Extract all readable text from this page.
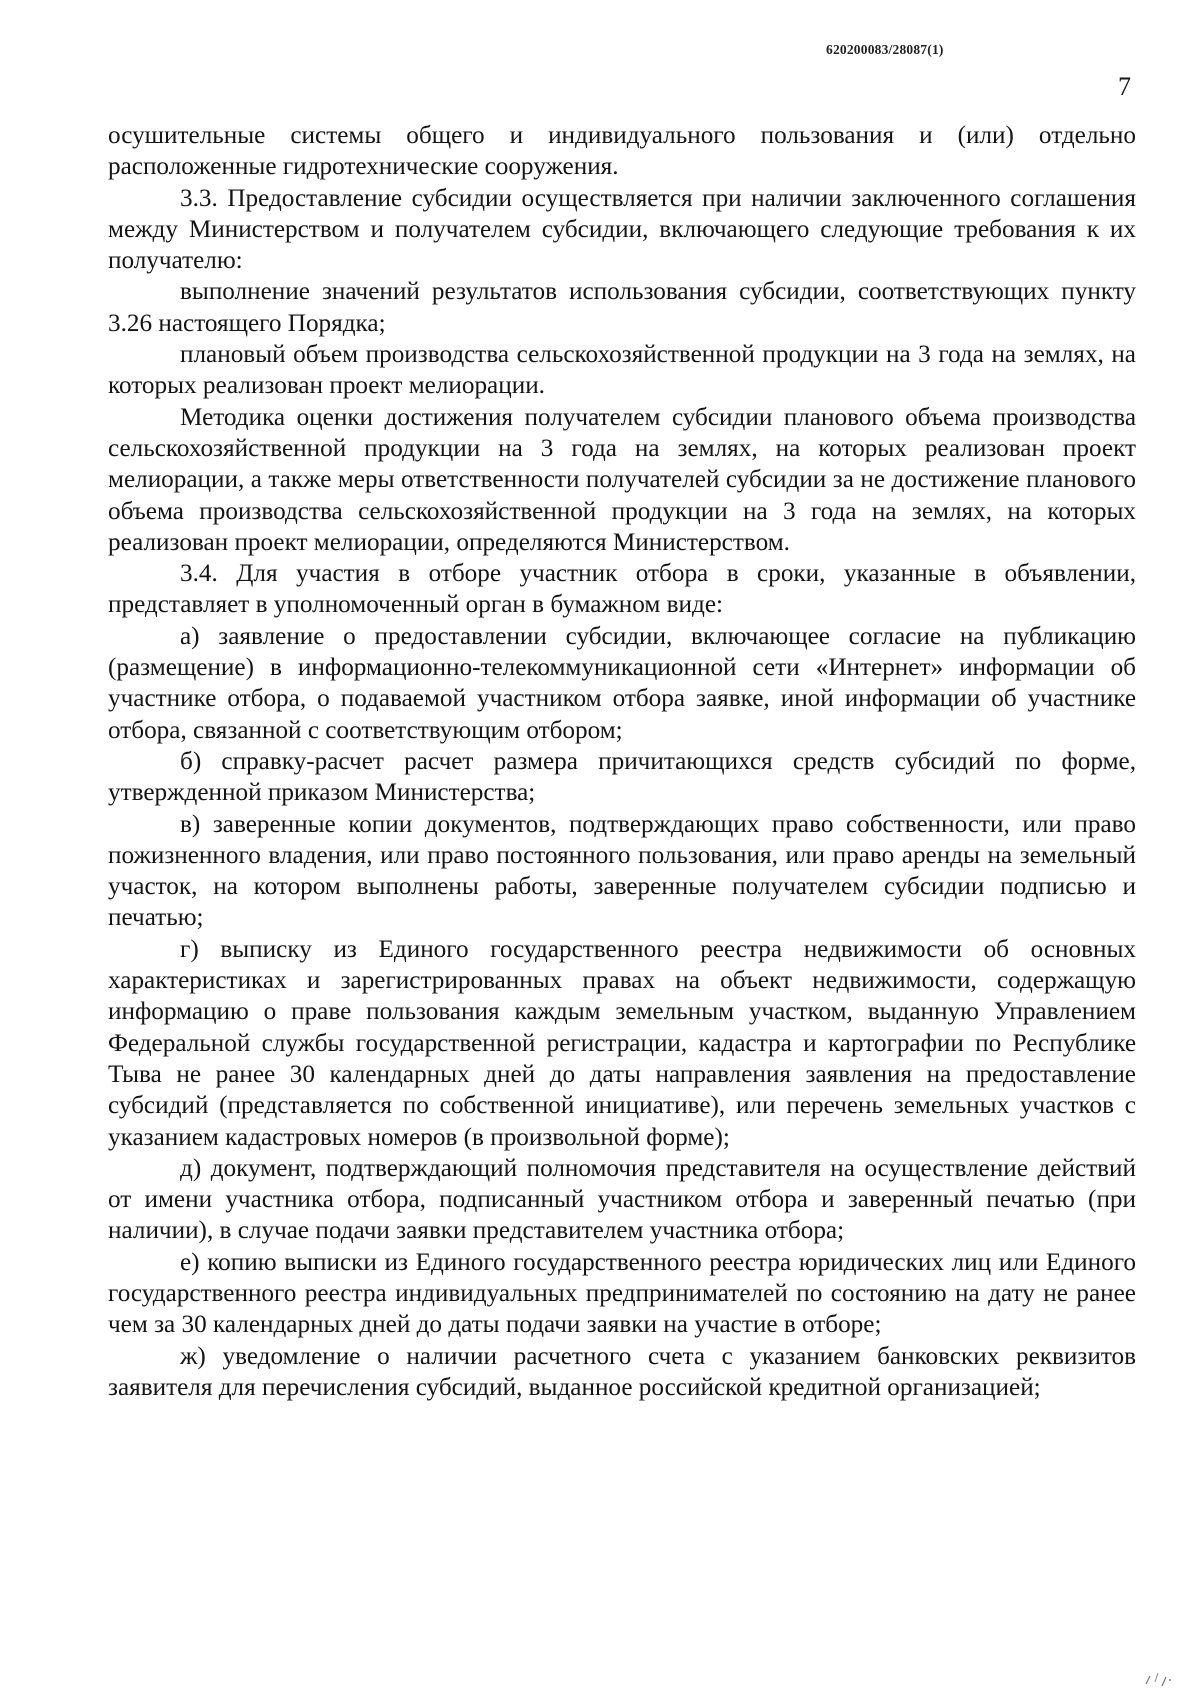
620200083/28087(1)
7

осушительные системы общего и индивидуального пользования и (или) отдельно расположенные гидротехнические сооружения.

3.3. Предоставление субсидии осуществляется при наличии заключенного соглашения между Министерством и получателем субсидии, включающего следующие требования к их получателю:

выполнение значений результатов использования субсидии, соответствующих пункту 3.26 настоящего Порядка;

плановый объем производства сельскохозяйственной продукции на 3 года на землях, на которых реализован проект мелиорации.

Методика оценки достижения получателем субсидии планового объема производства сельскохозяйственной продукции на 3 года на землях, на которых реализован проект мелиорации, а также меры ответственности получателей субсидии за не достижение планового объема производства сельскохозяйственной продукции на 3 года на землях, на которых реализован проект мелиорации, определяются Министерством.

3.4. Для участия в отборе участник отбора в сроки, указанные в объявлении, представляет в уполномоченный орган в бумажном виде:

а) заявление о предоставлении субсидии, включающее согласие на публикацию (размещение) в информационно-телекоммуникационной сети «Интернет» информации об участнике отбора, о подаваемой участником отбора заявке, иной информации об участнике отбора, связанной с соответствующим отбором;

б) справку-расчет расчет размера причитающихся средств субсидий по форме, утвержденной приказом Министерства;

в) заверенные копии документов, подтверждающих право собственности, или право пожизненного владения, или право постоянного пользования, или право аренды на земельный участок, на котором выполнены работы, заверенные получателем субсидии подписью и печатью;

г) выписку из Единого государственного реестра недвижимости об основных характеристиках и зарегистрированных правах на объект недвижимости, содержащую информацию о праве пользования каждым земельным участком, выданную Управлением Федеральной службы государственной регистрации, кадастра и картографии по Республике Тыва не ранее 30 календарных дней до даты направления заявления на предоставление субсидий (представляется по собственной инициативе), или перечень земельных участков с указанием кадастровых номеров (в произвольной форме);

д) документ, подтверждающий полномочия представителя на осуществление действий от имени участника отбора, подписанный участником отбора и заверенный печатью (при наличии), в случае подачи заявки представителем участника отбора;

е) копию выписки из Единого государственного реестра юридических лиц или Единого государственного реестра индивидуальных предпринимателей по состоянию на дату не ранее чем за 30 календарных дней до даты подачи заявки на участие в отборе;

ж) уведомление о наличии расчетного счета с указанием банковских реквизитов заявителя для перечисления субсидий, выданное российской кредитной организацией;
